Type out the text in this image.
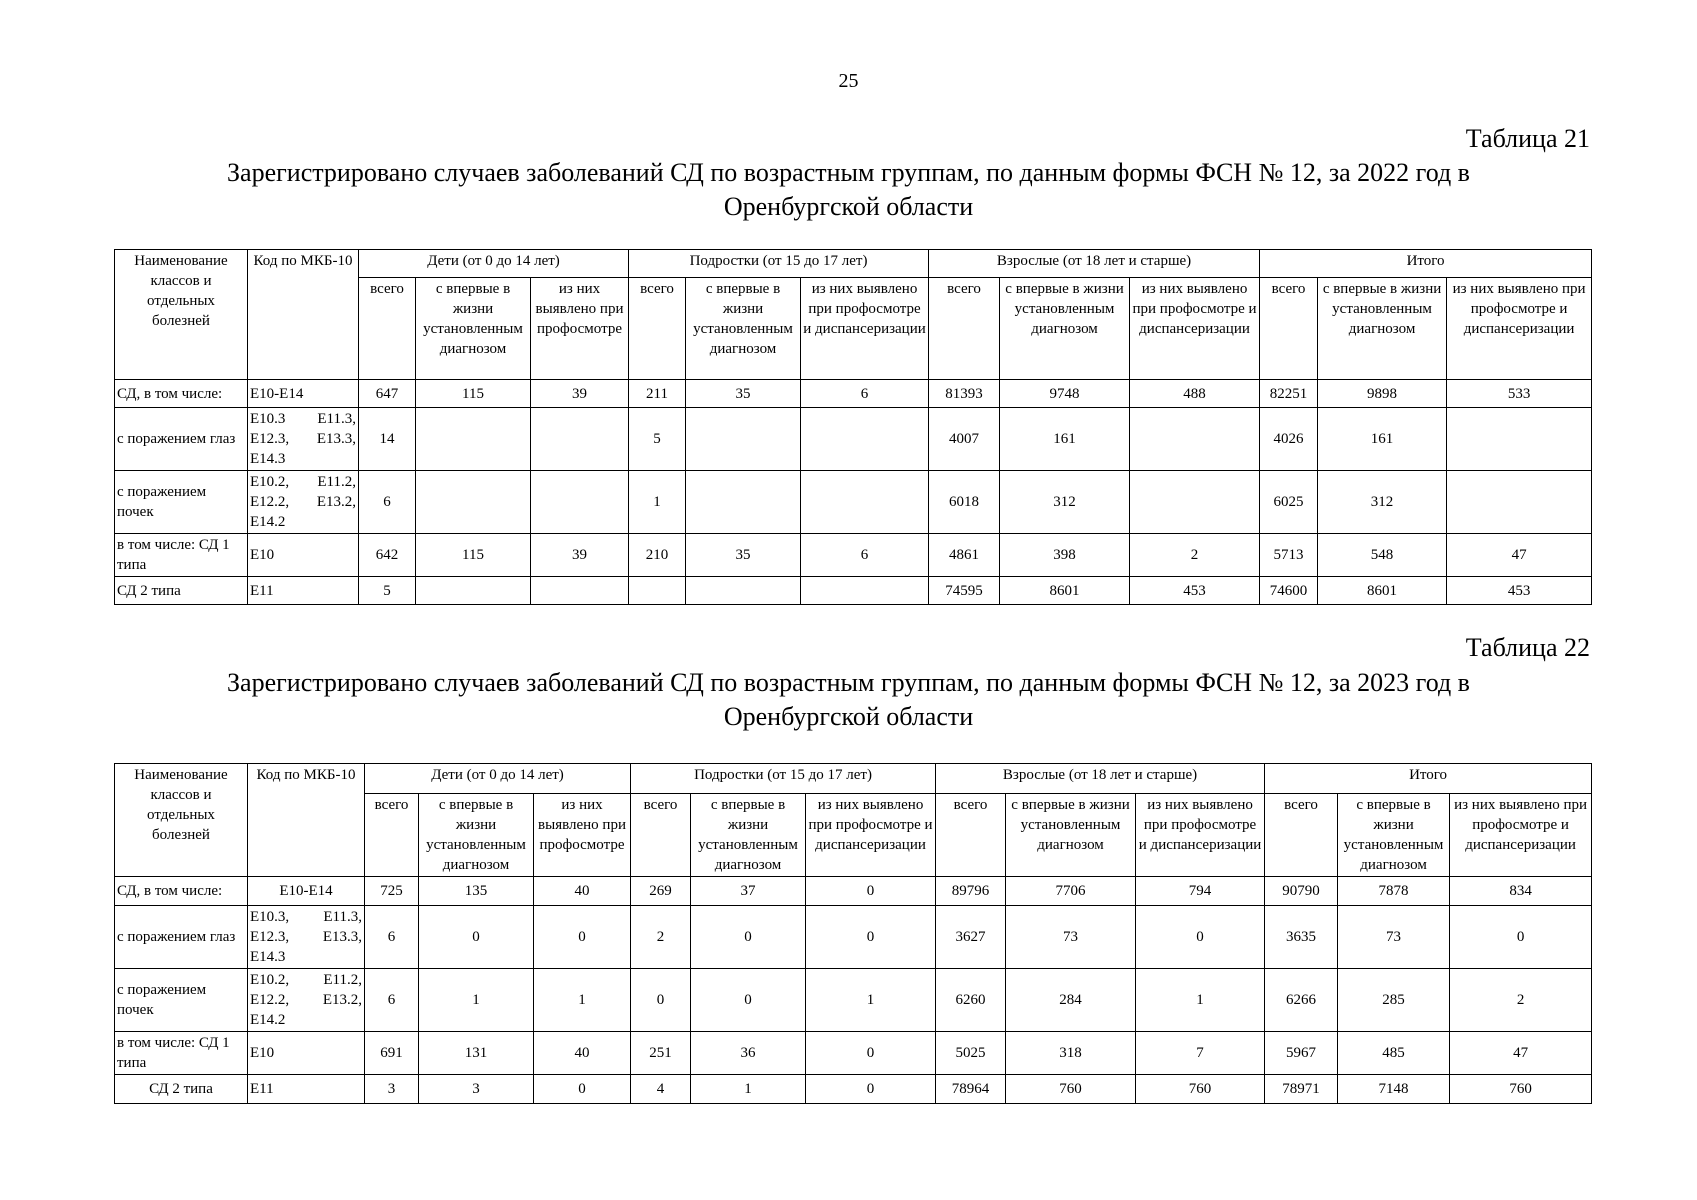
25
Таблица 21
Зарегистрировано случаев заболеваний СД по возрастным группам, по данным формы ФСН № 12, за 2022 год в Оренбургской области
Наименование классов и отдельных болезней	Код по МКБ-10	Дети (от 0 до 14 лет)			Подростки (от 15 до 17 лет)			Взрослые (от 18 лет и старше)			Итого		
		всего	с впервые в жизни установленным диагнозом	из них выявлено при профосмотре	всего	с впервые в жизни установленным диагнозом	из них выявлено при профосмотре и диспансеризации	всего	с впервые в жизни установленным диагнозом	из них выявлено при профосмотре и диспансеризации	всего	с впервые в жизни установленным диагнозом	из них выявлено при профосмотре и диспансеризации
СД, в том числе:	Е10-Е14	647	115	39	211	35	6	81393	9748	488	82251	9898	533
с поражением глаз	Е10.3 Е11.3, Е12.3, Е13.3, Е14.3	14			5			4007	161		4026	161	
с поражением почек	Е10.2, Е11.2, Е12.2, Е13.2, Е14.2	6			1			6018	312		6025	312	
в том числе: СД 1 типа	Е10	642	115	39	210	35	6	4861	398	2	5713	548	47
СД 2 типа	Е11	5						74595	8601	453	74600	8601	453
Таблица 22
Зарегистрировано случаев заболеваний СД по возрастным группам, по данным формы ФСН № 12, за 2023 год в Оренбургской области
Наименование классов и отдельных болезней	Код по МКБ-10	Дети (от 0 до 14 лет)			Подростки (от 15 до 17 лет)			Взрослые (от 18 лет и старше)			Итого		
		всего	с впервые в жизни установленным диагнозом	из них выявлено при профосмотре	всего	с впервые в жизни установленным диагнозом	из них выявлено при профосмотре и диспансеризации	всего	с впервые в жизни установленным диагнозом	из них выявлено при профосмотре и диспансеризации	всего	с впервые в жизни установленным диагнозом	из них выявлено при профосмотре и диспансеризации
СД, в том числе:	Е10-Е14	725	135	40	269	37	0	89796	7706	794	90790	7878	834
с поражением глаз	Е10.3, Е11.3, Е12.3, Е13.3, Е14.3	6	0	0	2	0	0	3627	73	0	3635	73	0
с поражением почек	Е10.2, Е11.2, Е12.2, Е13.2, Е14.2	6	1	1	0	0	1	6260	284	1	6266	285	2
в том числе: СД 1 типа	Е10	691	131	40	251	36	0	5025	318	7	5967	485	47
СД 2 типа	Е11	3	3	0	4	1	0	78964	760	760	78971	7148	760
